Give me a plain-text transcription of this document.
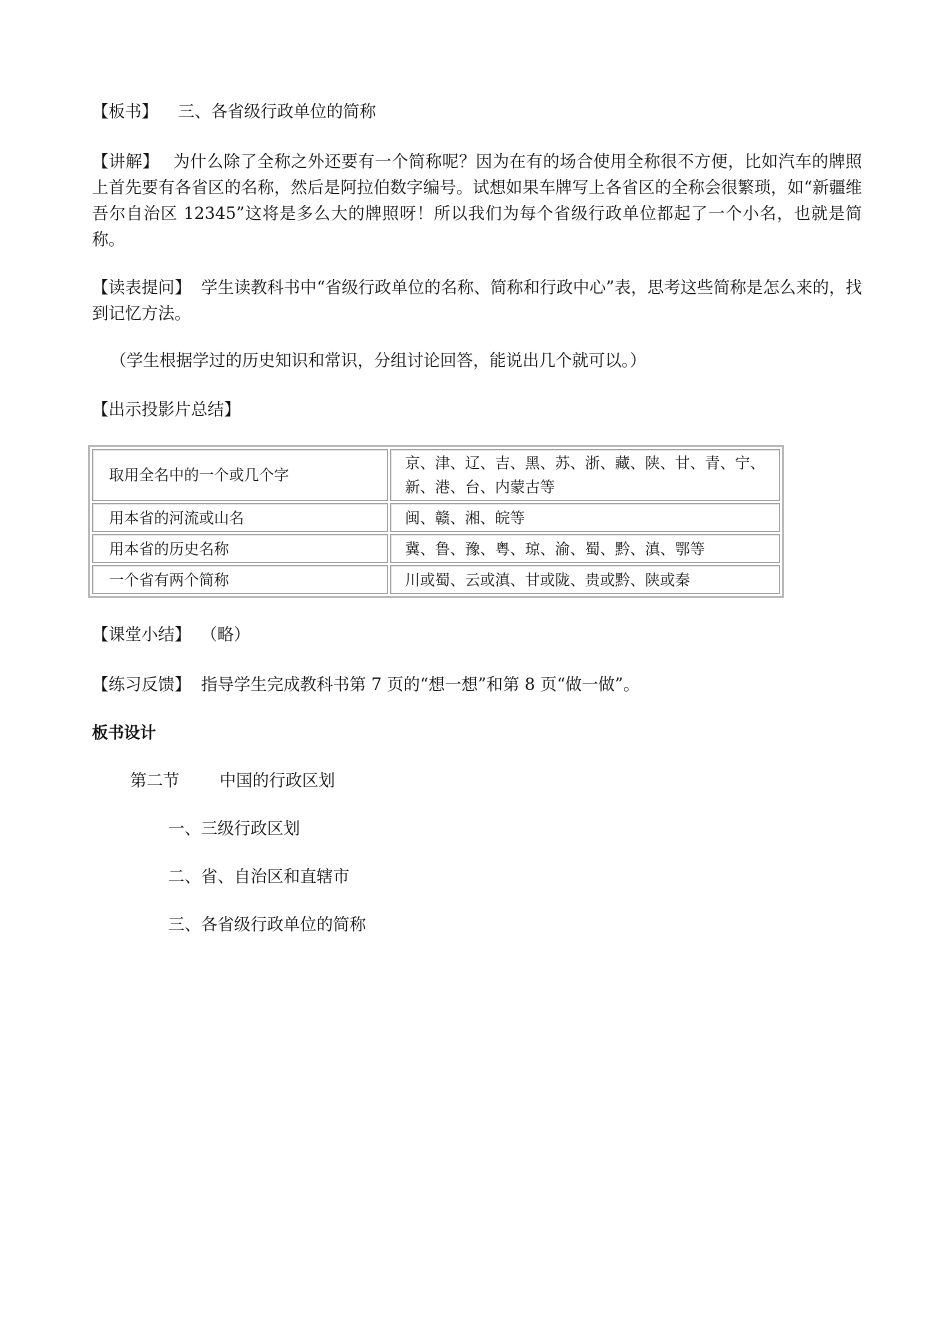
【板书】 三、各省级行政单位的简称
【讲解】 为什么除了全称之外还要有一个简称呢？因为在有的场合使用全称很不方便，比如汽车的牌照上首先要有各省区的名称，然后是阿拉伯数字编号。试想如果车牌写上各省区的全称会很繁琐，如“新疆维吾尔自治区 12345”这将是多么大的牌照呀！所以我们为每个省级行政单位都起了一个小名，也就是简称。
【读表提问】 学生读教科书中“省级行政单位的名称、简称和行政中心”表，思考这些简称是怎么来的，找到记忆方法。
（学生根据学过的历史知识和常识，分组讨论回答，能说出几个就可以。）
【出示投影片总结】
取用全名中的一个或几个字	京、津、辽、吉、黑、苏、浙、藏、陕、甘、青、宁、新、港、台、内蒙古等
用本省的河流或山名	闽、赣、湘、皖等
用本省的历史名称	冀、鲁、豫、粤、琼、渝、蜀、黔、滇、鄂等
一个省有两个简称	川或蜀、云或滇、甘或陇、贵或黔、陕或秦
【课堂小结】 （略）
【练习反馈】 指导学生完成教科书第 7 页的“想一想”和第 8 页“做一做”。
板书设计
第二节 中国的行政区划
一、三级行政区划
二、省、自治区和直辖市
三、各省级行政单位的简称
